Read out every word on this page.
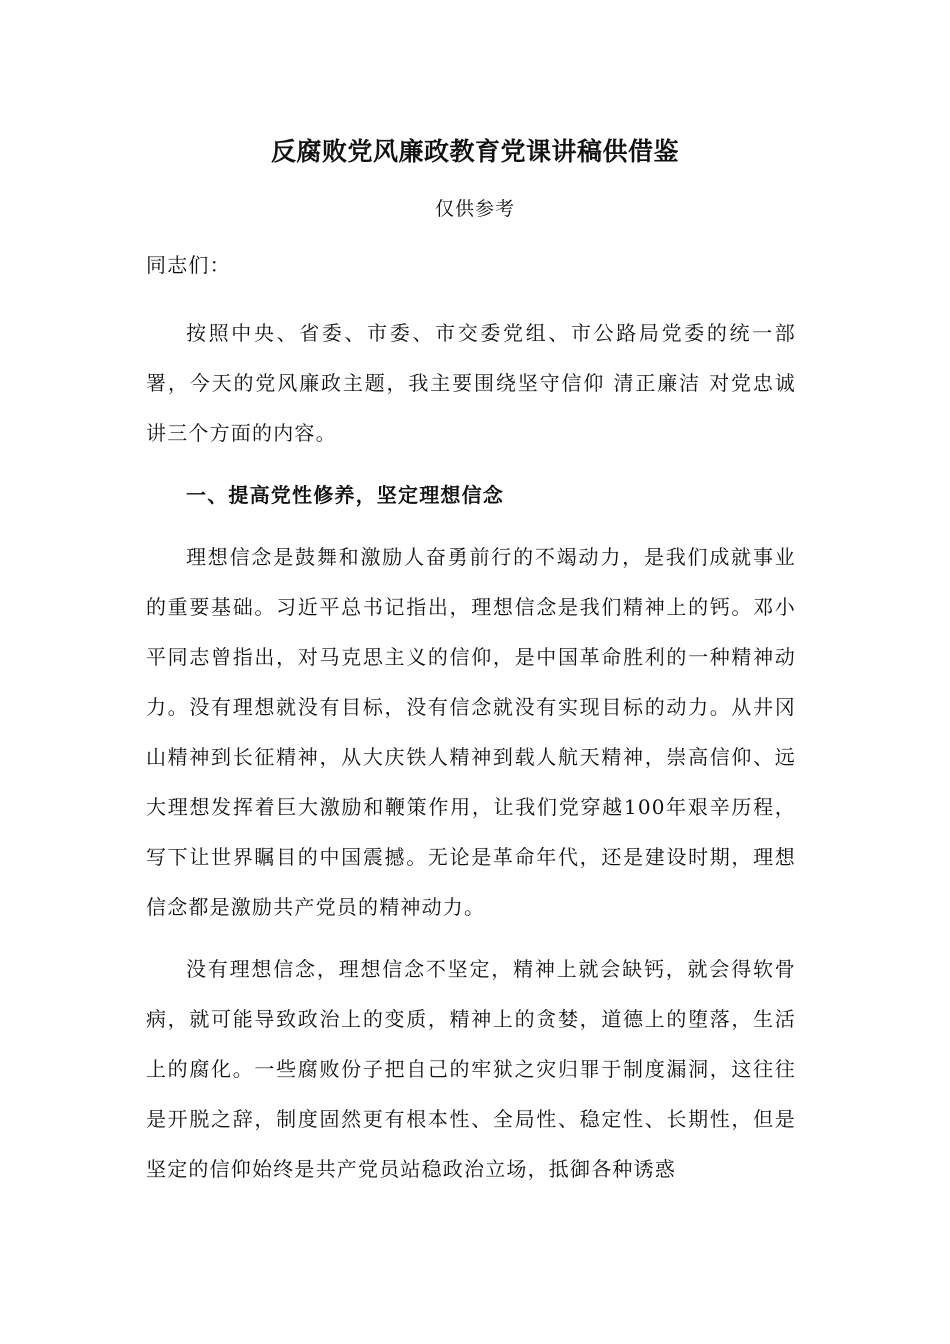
反腐败党风廉政教育党课讲稿供借鉴
仅供参考

同志们：

按照中央、省委、市委、市交委党组、市公路局党委的统一部署，今天的党风廉政主题，我主要围绕坚守信仰 清正廉洁 对党忠诚讲三个方面的内容。

一、提高党性修养，坚定理想信念

理想信念是鼓舞和激励人奋勇前行的不竭动力，是我们成就事业的重要基础。习近平总书记指出，理想信念是我们精神上的钙。邓小平同志曾指出，对马克思主义的信仰，是中国革命胜利的一种精神动力。没有理想就没有目标，没有信念就没有实现目标的动力。从井冈山精神到长征精神，从大庆铁人精神到载人航天精神，崇高信仰、远大理想发挥着巨大激励和鞭策作用，让我们党穿越100年艰辛历程，写下让世界瞩目的中国震撼。无论是革命年代，还是建设时期，理想信念都是激励共产党员的精神动力。

没有理想信念，理想信念不坚定，精神上就会缺钙，就会得软骨病，就可能导致政治上的变质，精神上的贪婪，道德上的堕落，生活上的腐化。一些腐败份子把自己的牢狱之灾归罪于制度漏洞，这往往是开脱之辞，制度固然更有根本性、全局性、稳定性、长期性，但是坚定的信仰始终是共产党员站稳政治立场，抵御各种诱惑
